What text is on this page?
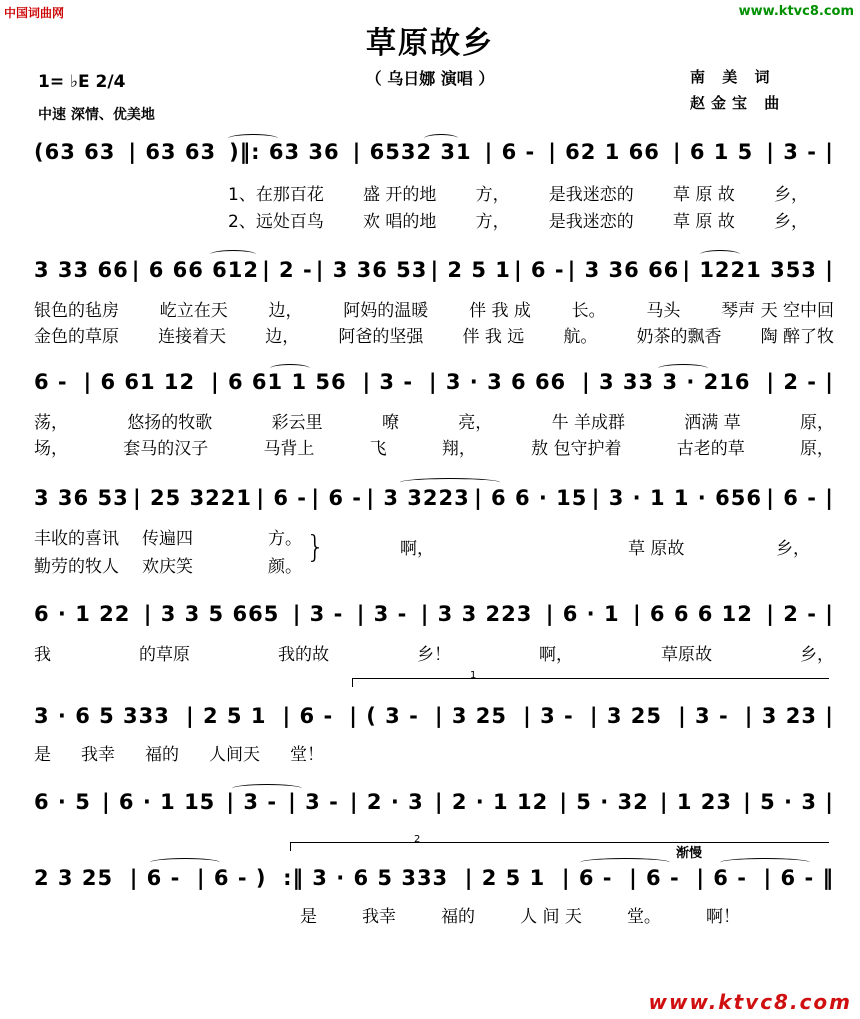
中国词曲网	www.ktvc8.com
草原故乡
（ 乌日娜 演唱 ）
1= ♭E 2/4
中速 深情、优美地
南 美 词
赵金宝 曲
(63 63 | 63 63 )‖: 63 36 | 6532 31 | 6 - | 62 1 66 | 6 1 5 | 3 - |
1、在那百花 盛 开的地 方， 是我迷恋的 草 原 故 乡，
2、远处百鸟 欢 唱的地 方， 是我迷恋的 草 原 故 乡，
3 33 66 | 6 66 612 | 2 - | 3 36 53 | 2 5 1 | 6 - | 3 36 66 | 1221 353 |
银色的毡房 屹立在天 边， 阿妈的温暖 伴 我 成 长。 马头 琴声 天 空中回
金色的草原 连接着天 边， 阿爸的坚强 伴 我 远 航。 奶茶的飘香 陶 醉了牧
6 - | 6 61 12 | 6 61 1 56 | 3 - | 3 · 3 6 66 | 3 33 3 · 216 | 2 - |
荡，	悠扬的牧歌	彩云里	嘹	亮，	牛 羊成群	洒满 草	原，
场，	套马的汉子	马背上	飞	翔，	敖 包守护着	古老的草	原，
3 36 53 | 25 3221 | 6 - | 6 - | 3 3223 | 6 6 · 15 | 3 · 1 1 · 656 | 6 - |
丰收的喜讯 传遍四	方。	啊，	草 原故	乡，
勤劳的牧人 欢庆笑	颜。
}
6 · 1 22 | 3 3 5 665 | 3 - | 3 - | 3 3 223 | 6 · 1 | 6 6 6 12 | 2 - |
我	的草原	我的故	乡！	啊，	草原故	乡，
1
3 · 6 5 333 | 2 5 1 | 6 - | ( 3 - | 3 25 | 3 - | 3 25 | 3 - | 3 23 |
是 我幸 福的 人间天 堂！
6 · 5 | 6 · 1 15 | 3 - | 3 - | 2 · 3 | 2 · 1 12 | 5 · 32 | 1 23 | 5 · 3 |
2
渐慢
2 3 25 | 6 - | 6 - ) :‖ 3 · 6 5 333 | 2 5 1 | 6 - | 6 - | 6 - | 6 - ‖
是	我幸	福的	人 间 天	堂。	啊！
www.ktvc8.com
